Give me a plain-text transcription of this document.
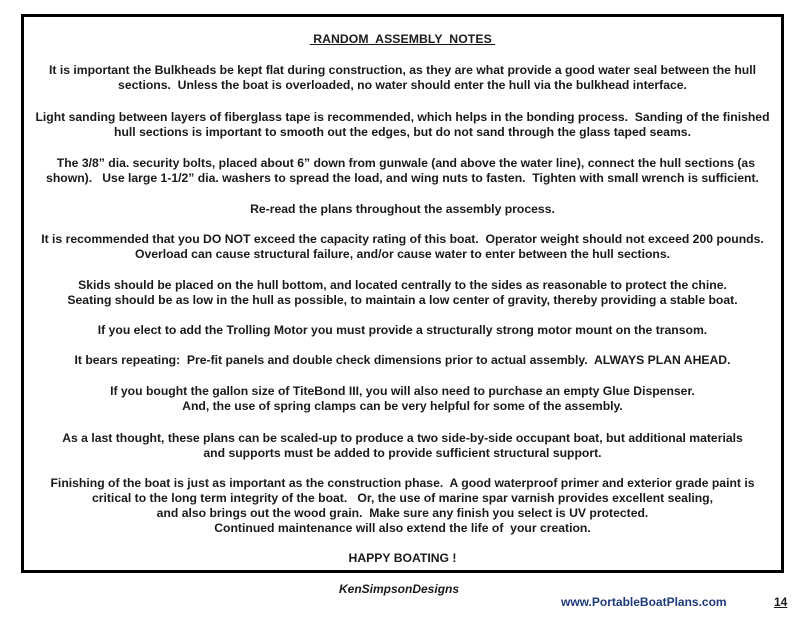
RANDOM  ASSEMBLY  NOTES
It is important the Bulkheads be kept flat during construction, as they are what provide a good water seal between the hull
sections.  Unless the boat is overloaded, no water should enter the hull via the bulkhead interface.
Light sanding between layers of fiberglass tape is recommended, which helps in the bonding process.  Sanding of the finished
hull sections is important to smooth out the edges, but do not sand through the glass taped seams.
The 3/8” dia. security bolts, placed about 6” down from gunwale (and above the water line), connect the hull sections (as
shown).   Use large 1-1/2” dia. washers to spread the load, and wing nuts to fasten.  Tighten with small wrench is sufficient.
Re-read the plans throughout the assembly process.
It is recommended that you DO NOT exceed the capacity rating of this boat.  Operator weight should not exceed 200 pounds.
Overload can cause structural failure, and/or cause water to enter between the hull sections.
Skids should be placed on the hull bottom, and located centrally to the sides as reasonable to protect the chine.
Seating should be as low in the hull as possible, to maintain a low center of gravity, thereby providing a stable boat.
If you elect to add the Trolling Motor you must provide a structurally strong motor mount on the transom.
It bears repeating:  Pre-fit panels and double check dimensions prior to actual assembly.  ALWAYS PLAN AHEAD.
If you bought the gallon size of TiteBond III, you will also need to purchase an empty Glue Dispenser.
And, the use of spring clamps can be very helpful for some of the assembly.
As a last thought, these plans can be scaled-up to produce a two side-by-side occupant boat, but additional materials
and supports must be added to provide sufficient structural support.
Finishing of the boat is just as important as the construction phase.  A good waterproof primer and exterior grade paint is
critical to the long term integrity of the boat.   Or, the use of marine spar varnish provides excellent sealing,
and also brings out the wood grain.  Make sure any finish you select is UV protected.
Continued maintenance will also extend the life of  your creation.
HAPPY BOATING !
KenSimpsonDesigns
www.PortableBoatPlans.com	14
